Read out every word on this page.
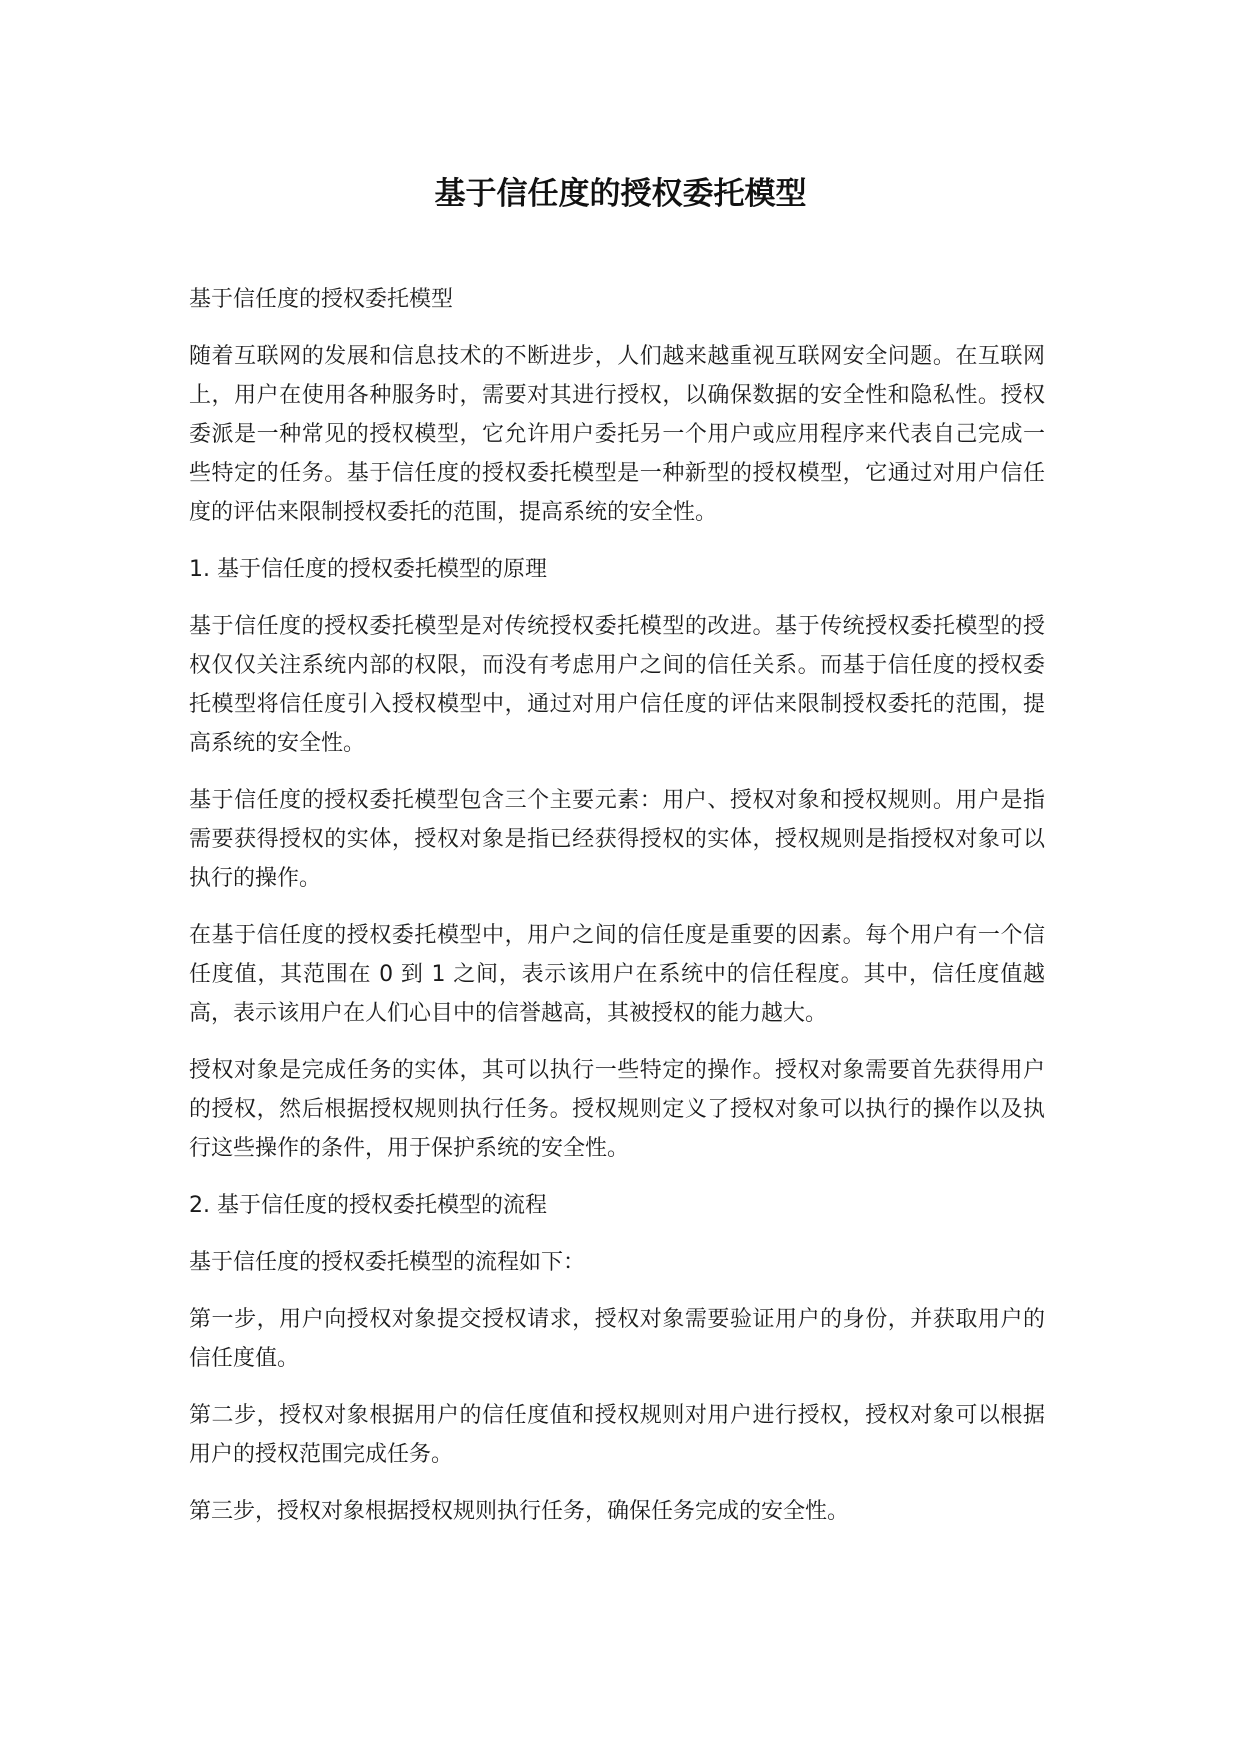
基于信任度的授权委托模型

基于信任度的授权委托模型

随着互联网的发展和信息技术的不断进步，人们越来越重视互联网安全问题。在互联网上，用户在使用各种服务时，需要对其进行授权，以确保数据的安全性和隐私性。授权委派是一种常见的授权模型，它允许用户委托另一个用户或应用程序来代表自己完成一些特定的任务。基于信任度的授权委托模型是一种新型的授权模型，它通过对用户信任度的评估来限制授权委托的范围，提高系统的安全性。

1. 基于信任度的授权委托模型的原理

基于信任度的授权委托模型是对传统授权委托模型的改进。基于传统授权委托模型的授权仅仅关注系统内部的权限，而没有考虑用户之间的信任关系。而基于信任度的授权委托模型将信任度引入授权模型中，通过对用户信任度的评估来限制授权委托的范围，提高系统的安全性。

基于信任度的授权委托模型包含三个主要元素：用户、授权对象和授权规则。用户是指需要获得授权的实体，授权对象是指已经获得授权的实体，授权规则是指授权对象可以执行的操作。

在基于信任度的授权委托模型中，用户之间的信任度是重要的因素。每个用户有一个信任度值，其范围在 0 到 1 之间，表示该用户在系统中的信任程度。其中，信任度值越高，表示该用户在人们心目中的信誉越高，其被授权的能力越大。

授权对象是完成任务的实体，其可以执行一些特定的操作。授权对象需要首先获得用户的授权，然后根据授权规则执行任务。授权规则定义了授权对象可以执行的操作以及执行这些操作的条件，用于保护系统的安全性。

2. 基于信任度的授权委托模型的流程

基于信任度的授权委托模型的流程如下：

第一步，用户向授权对象提交授权请求，授权对象需要验证用户的身份，并获取用户的信任度值。

第二步，授权对象根据用户的信任度值和授权规则对用户进行授权，授权对象可以根据用户的授权范围完成任务。

第三步，授权对象根据授权规则执行任务，确保任务完成的安全性。
